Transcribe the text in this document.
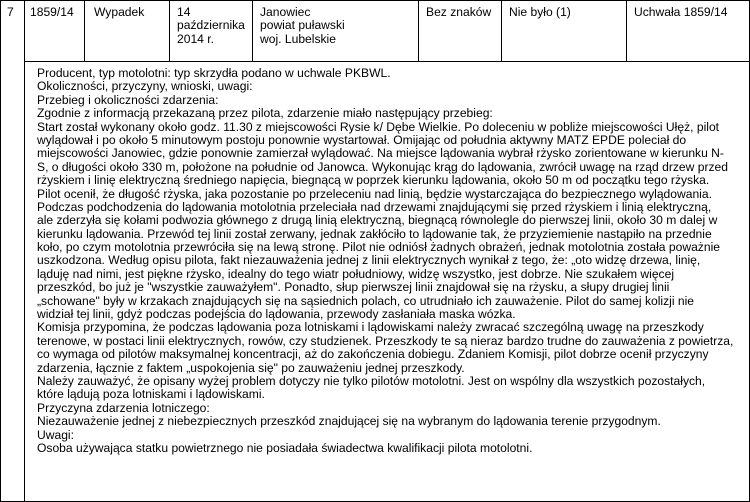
7 1859/14 Wypadek	14
października
2014 r.
Janowiec
powiat puławski
woj. Lubelskie
Bez znaków Nie było (1)	Uchwała 1859/14
Producent, typ motolotni: typ skrzydła podano w uchwale PKBWL.
Okoliczności, przyczyny, wnioski, uwagi:
Przebieg i okoliczności zdarzenia:
Zgodnie z informacją przekazaną przez pilota, zdarzenie miało następujący przebieg:
Start został wykonany około godz. 11.30 z miejscowości Rysie k/ Dębe Wielkie. Po doleceniu w pobliże miejscowości Ułęż, pilot
wylądował i po około 5 minutowym postoju ponownie wystartował. Omijając od południa aktywny MATZ EPDE poleciał do
miejscowości Janowiec, gdzie ponownie zamierzał wylądować. Na miejsce lądowania wybrał rżysko zorientowane w kierunku N-
S, o długości około 330 m, położone na południe od Janowca. Wykonując krąg do lądowania, zwrócił uwagę na rząd drzew przed
rżyskiem i linię elektryczną średniego napięcia, biegnącą w poprzek kierunku lądowania, około 50 m od początku tego rżyska.
Pilot ocenił, że długość rżyska, jaka pozostanie po przeleceniu nad linią, będzie wystarczająca do bezpiecznego wylądowania.
Podczas podchodzenia do lądowania motolotnia przeleciała nad drzewami znajdującymi się przed rżyskiem i linią elektryczną,
ale zderzyła się kołami podwozia głównego z drugą linią elektryczną, biegnącą równolegle do pierwszej linii, około 30 m dalej w
kierunku lądowania. Przewód tej linii został zerwany, jednak zakłóciło to lądowanie tak, że przyziemienie nastąpiło na przednie
koło, po czym motolotnia przewróciła się na lewą stronę. Pilot nie odniósł żadnych obrażeń, jednak motolotnia została poważnie
uszkodzona. Według opisu pilota, fakt niezauważenia jednej z linii elektrycznych wynikał z tego, że: „oto widzę drzewa, linię,
ląduję nad nimi, jest piękne rżysko, idealny do tego wiatr południowy, widzę wszystko, jest dobrze. Nie szukałem więcej
przeszkód, bo już je "wszystkie zauważyłem". Ponadto, słup pierwszej linii znajdował się na rżysku, a słupy drugiej linii
„schowane" były w krzakach znajdujących się na sąsiednich polach, co utrudniało ich zauważenie. Pilot do samej kolizji nie
widział tej linii, gdyż podczas podejścia do lądowania, przewody zasłaniała maska wózka.
Komisja przypomina, że podczas lądowania poza lotniskami i lądowiskami należy zwracać szczególną uwagę na przeszkody
terenowe, w postaci linii elektrycznych, rowów, czy studzienek. Przeszkody te są nieraz bardzo trudne do zauważenia z powietrza,
co wymaga od pilotów maksymalnej koncentracji, aż do zakończenia dobiegu. Zdaniem Komisji, pilot dobrze ocenił przyczyny
zdarzenia, łącznie z faktem „uspokojenia się" po zauważeniu jednej przeszkody.
Należy zauważyć, że opisany wyżej problem dotyczy nie tylko pilotów motolotni. Jest on wspólny dla wszystkich pozostałych,
które lądują poza lotniskami i lądowiskami.
Przyczyna zdarzenia lotniczego:
Niezauważenie jednej z niebezpiecznych przeszkód znajdującej się na wybranym do lądowania terenie przygodnym.
Uwagi:
Osoba używająca statku powietrznego nie posiadała świadectwa kwalifikacji pilota motolotni.
